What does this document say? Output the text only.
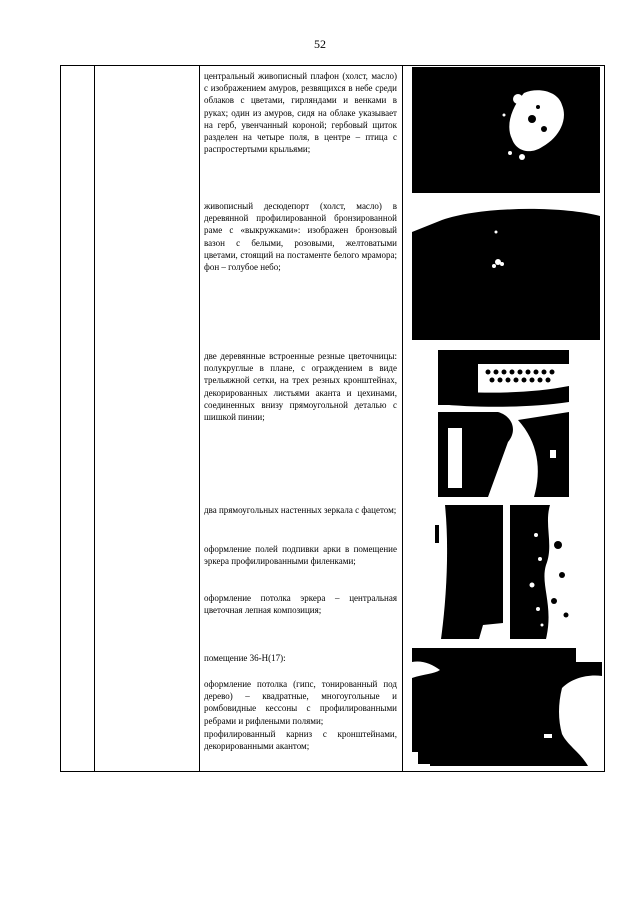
52
центральный живописный плафон (холст, масло) с изображением амуров, резвящихся в небе среди облаков с цветами, гирляндами и венками в руках; один из амуров, сидя на облаке указывает на герб, увенчанный короной; гербовый щиток разделен на четыре поля, в центре – птица с распростертыми крыльями;
живописный десюдепорт (холст, масло) в деревянной профилированной бронзированной раме с «выкружками»: изображен бронзовый вазон с белыми, розовыми, желтоватыми цветами, стоящий на постаменте белого мрамора; фон – голубое небо;
две деревянные встроенные резные цветочницы: полукруглые в плане, с ограждением в виде трельяжной сетки, на трех резных кронштейнах, декорированных листьями аканта и цехинами, соединенных внизу прямоугольной деталью с шишкой пинии;
два прямоугольных настенных зеркала с фацетом;
оформление полей подпивки арки в помещение эркера профилированными филенками;
оформление потолка эркера – центральная цветочная лепная композиция;
помещение 36-Н(17):
оформление потолка (гипс, тонированный под дерево) – квадратные, многоугольные и ромбовидные кессоны с профилированными ребрами и рифлеными полями;
профилированный карниз с кронштейнами, декорированными акантом;
